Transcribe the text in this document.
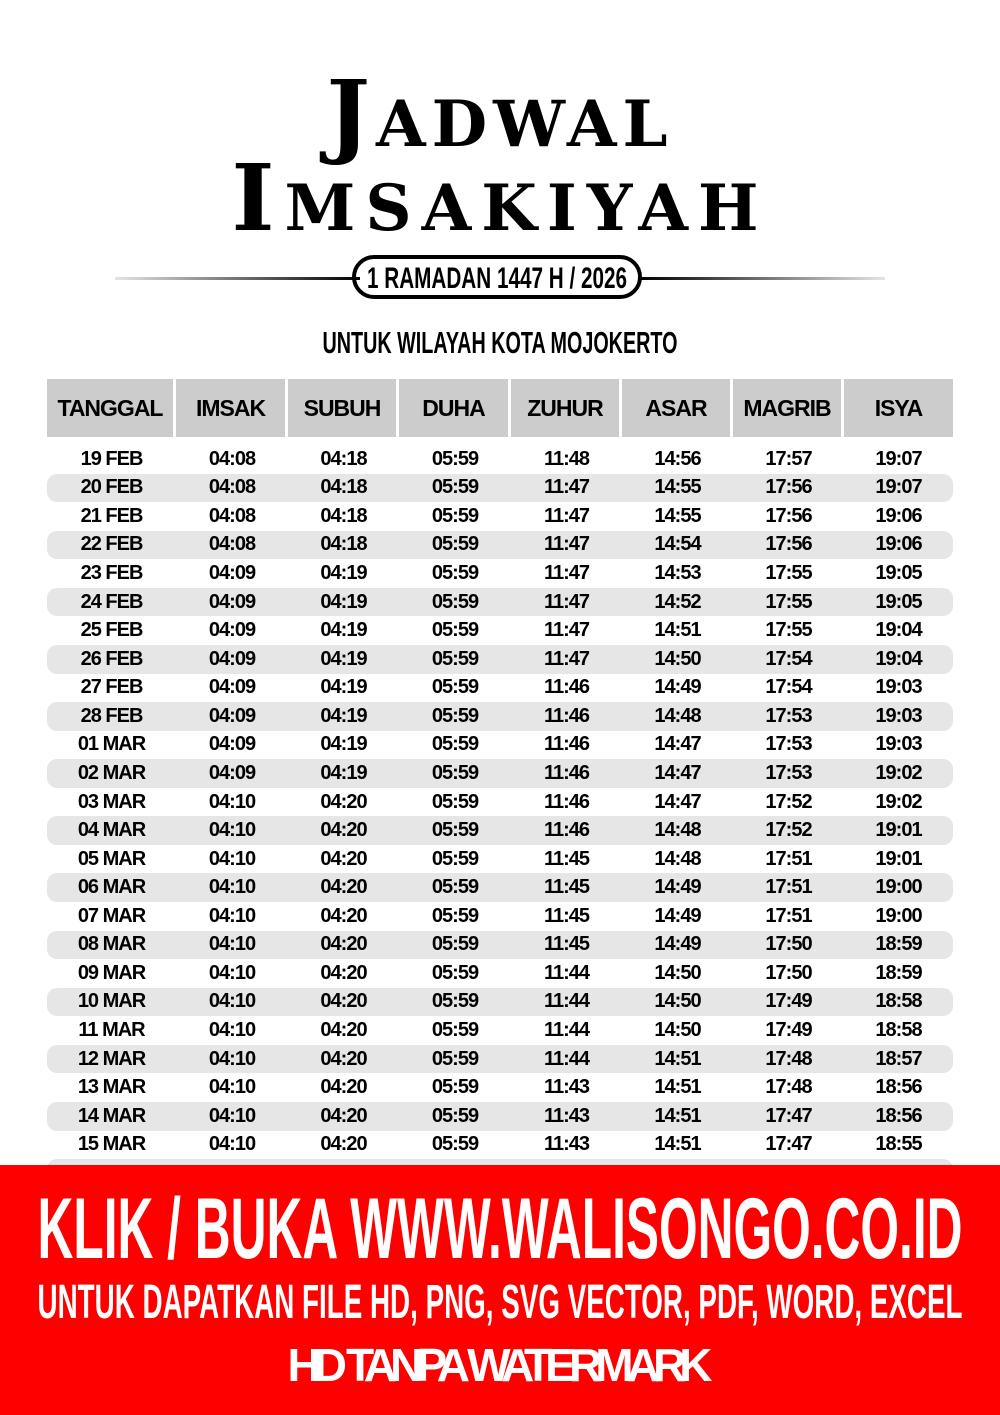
Jadwal
Imsakiyah
1 RAMADAN 1447 H / 2026
UNTUK WILAYAH KOTA MOJOKERTO
TANGGAL	IMSAK	SUBUH	DUHA	ZUHUR	ASAR	MAGRIB	ISYA
19 FEB	04:08	04:18	05:59	11:48	14:56	17:57	19:07
20 FEB	04:08	04:18	05:59	11:47	14:55	17:56	19:07
21 FEB	04:08	04:18	05:59	11:47	14:55	17:56	19:06
22 FEB	04:08	04:18	05:59	11:47	14:54	17:56	19:06
23 FEB	04:09	04:19	05:59	11:47	14:53	17:55	19:05
24 FEB	04:09	04:19	05:59	11:47	14:52	17:55	19:05
25 FEB	04:09	04:19	05:59	11:47	14:51	17:55	19:04
26 FEB	04:09	04:19	05:59	11:47	14:50	17:54	19:04
27 FEB	04:09	04:19	05:59	11:46	14:49	17:54	19:03
28 FEB	04:09	04:19	05:59	11:46	14:48	17:53	19:03
01 MAR	04:09	04:19	05:59	11:46	14:47	17:53	19:03
02 MAR	04:09	04:19	05:59	11:46	14:47	17:53	19:02
03 MAR	04:10	04:20	05:59	11:46	14:47	17:52	19:02
04 MAR	04:10	04:20	05:59	11:46	14:48	17:52	19:01
05 MAR	04:10	04:20	05:59	11:45	14:48	17:51	19:01
06 MAR	04:10	04:20	05:59	11:45	14:49	17:51	19:00
07 MAR	04:10	04:20	05:59	11:45	14:49	17:51	19:00
08 MAR	04:10	04:20	05:59	11:45	14:49	17:50	18:59
09 MAR	04:10	04:20	05:59	11:44	14:50	17:50	18:59
10 MAR	04:10	04:20	05:59	11:44	14:50	17:49	18:58
11 MAR	04:10	04:20	05:59	11:44	14:50	17:49	18:58
12 MAR	04:10	04:20	05:59	11:44	14:51	17:48	18:57
13 MAR	04:10	04:20	05:59	11:43	14:51	17:48	18:56
14 MAR	04:10	04:20	05:59	11:43	14:51	17:47	18:56
15 MAR	04:10	04:20	05:59	11:43	14:51	17:47	18:55
KLIK / BUKA WWW.WALISONGO.CO.ID
UNTUK DAPATKAN FILE HD, PNG, SVG VECTOR, PDF, WORD, EXCEL
HD TANPA WATERMARK
